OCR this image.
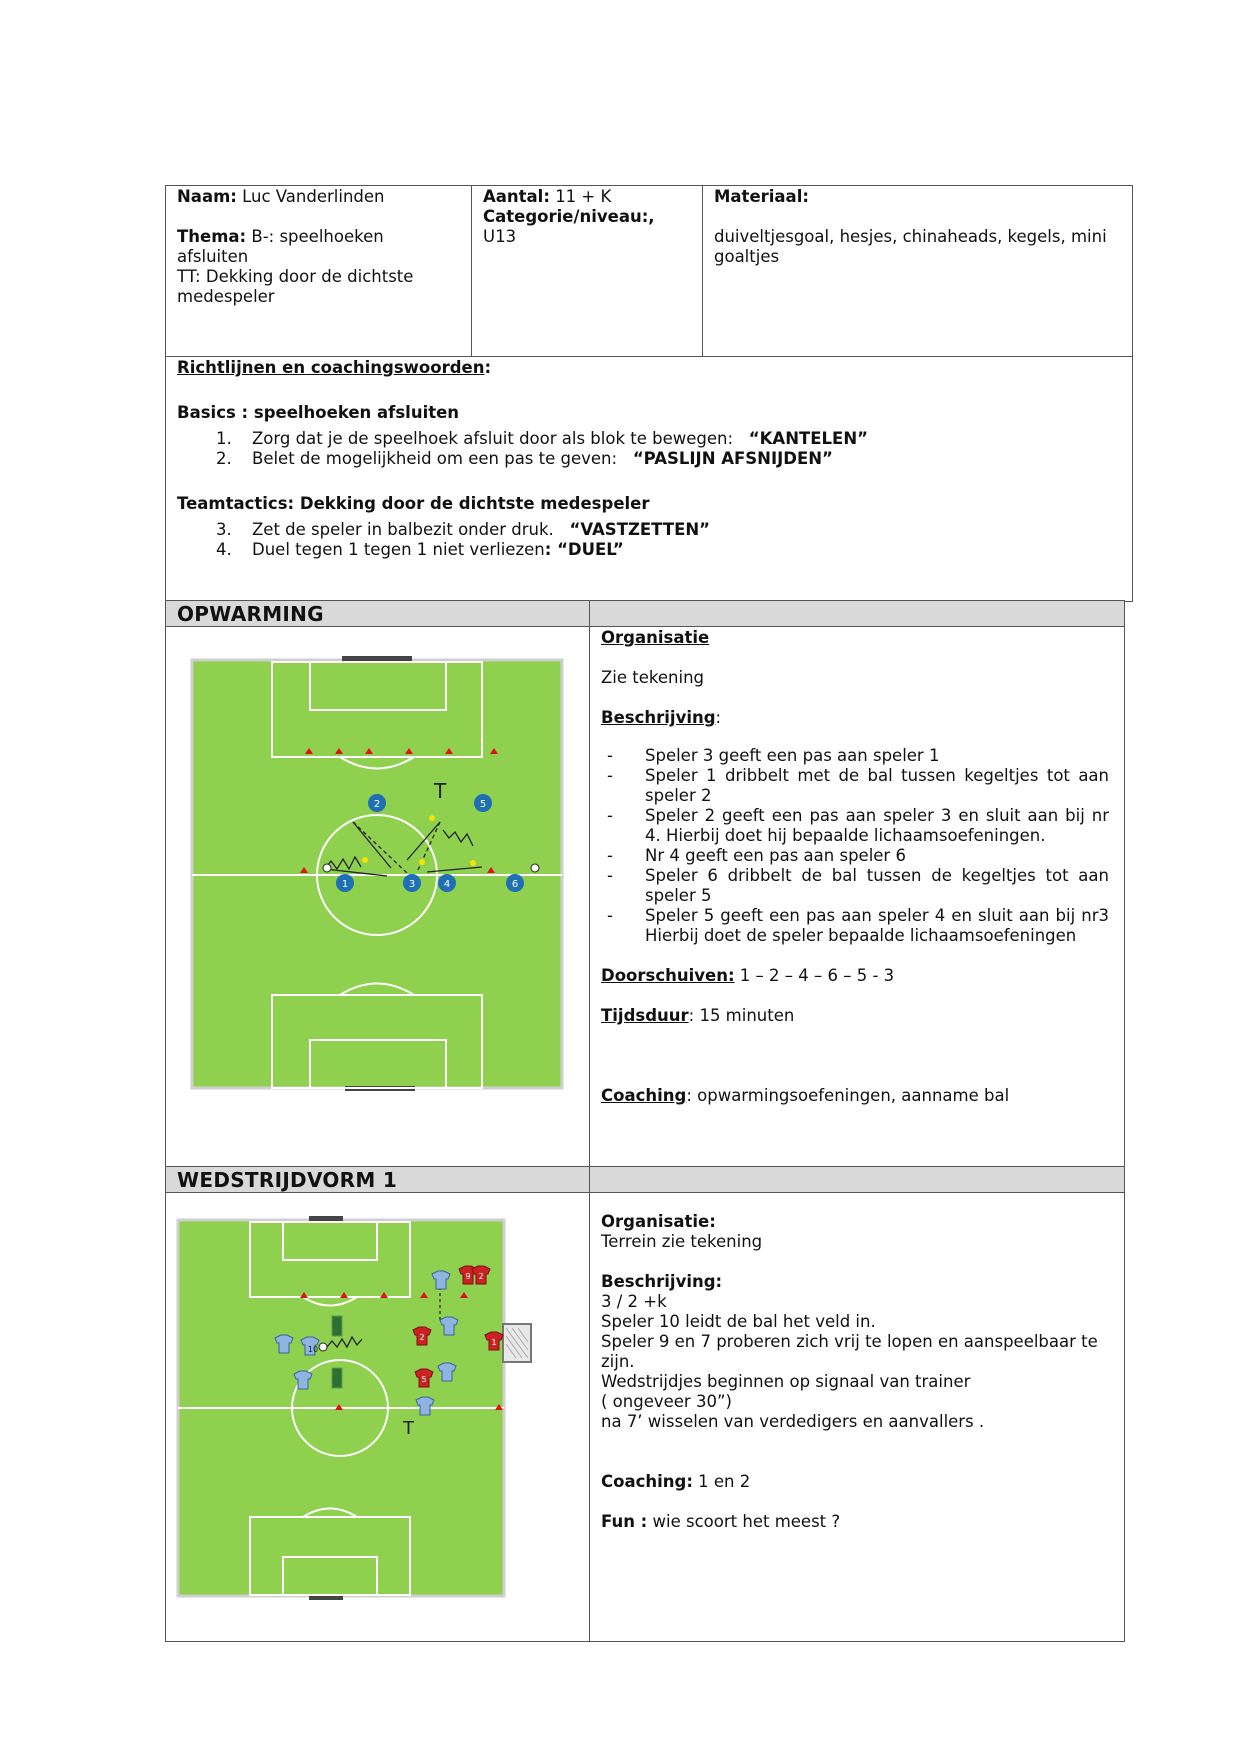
Naam: Luc Vanderlinden
Thema: B-: speelhoeken
afsluiten
TT: Dekking door de dichtste
medespeler
Aantal: 11 + K
Categorie/niveau:,
U13
Materiaal:
duiveltjesgoal, hesjes, chinaheads, kegels, mini
goaltjes
Richtlijnen en coachingswoorden:
Basics : speelhoeken afsluiten
1. Zorg dat je de speelhoek afsluit door als blok te bewegen: “KANTELEN”
2. Belet de mogelijkheid om een pas te geven: “PASLIJN AFSNIJDEN”
Teamtactics: Dekking door de dichtste medespeler
3. Zet de speler in balbezit onder druk. “VASTZETTEN”
4. Duel tegen 1 tegen 1 niet verliezen: “DUEL”
OPWARMING
T
2	5
1	3	4	6
Organisatie
Zie tekening
Beschrijving:
- Speler 3 geeft een pas aan speler 1
- Speler 1 dribbelt met de bal tussen kegeltjes tot aan
speler 2
- Speler 2 geeft een pas aan speler 3 en sluit aan bij nr
4. Hierbij doet hij bepaalde lichaamsoefeningen.
- Nr 4 geeft een pas aan speler 6
- Speler 6 dribbelt de bal tussen de kegeltjes tot aan
speler 5
- Speler 5 geeft een pas aan speler 4 en sluit aan bij nr3
Hierbij doet de speler bepaalde lichaamsoefeningen
Doorschuiven: 1 – 2 – 4 – 6 – 5 - 3
Tijdsduur: 15 minuten
Coaching: opwarmingsoefeningen, aanname bal
WEDSTRIJDVORM 1
T
10
9 2
2
5
1
Organisatie:
Terrein zie tekening
Beschrijving:
3 / 2 +k
Speler 10 leidt de bal het veld in.
Speler 9 en 7 proberen zich vrij te lopen en aanspeelbaar te
zijn.
Wedstrijdjes beginnen op signaal van trainer
( ongeveer 30”)
na 7’ wisselen van verdedigers en aanvallers .
Coaching: 1 en 2
Fun : wie scoort het meest ?
